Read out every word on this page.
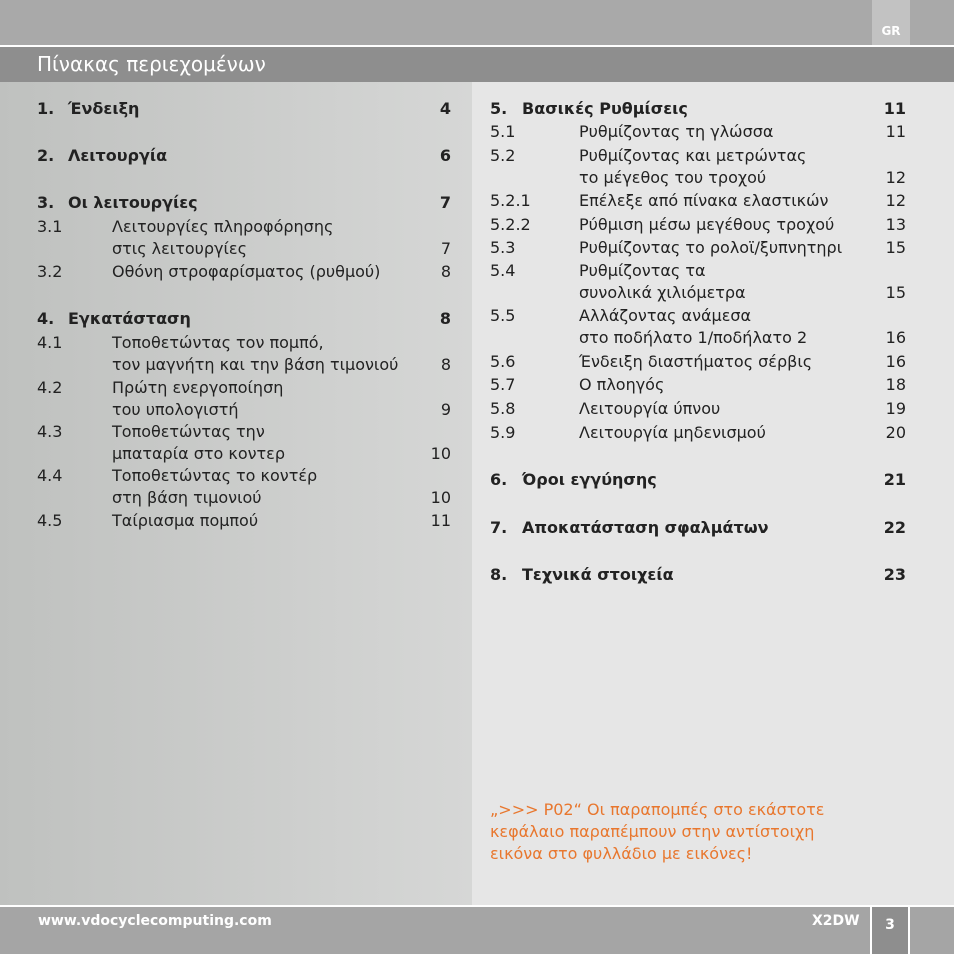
GR
Πίνακας περιεχομένων
1. Ένδειξη	4
2. Λειτουργία	6
3. Οι λειτουργίες	7
3.1	Λειτουργίες πληροφόρησης
στις λειτουργίες	7
3.2	Οθόνη στροφαρίσματος (ρυθμού)	8
4. Εγκατάσταση	8
4.1	Τοποθετώντας τον πομπό,
τον μαγνήτη και την βάση τιμονιού	8
4.2	Πρώτη ενεργοποίηση
του υπολογιστή	9
4.3	Τοποθετώντας την
μπαταρία στο κοντερ	10
4.4	Τοποθετώντας το κοντέρ
στη βάση τιμονιού	10
4.5	Ταίριασμα πομπού	11
5. Βασικές Ρυθμίσεις	11
5.1	Ρυθμίζοντας τη γλώσσα	11
5.2	Ρυθμίζοντας και μετρώντας
το μέγεθος του τροχού	12
5.2.1	Επέλεξε από πίνακα ελαστικών	12
5.2.2	Ρύθμιση μέσω μεγέθους τροχού	13
5.3	Ρυθμίζοντας το ρολοϊ/ξυπνητηρι	15
5.4	Ρυθμίζοντας τα
συνολικά χιλιόμετρα	15
5.5	Αλλάζοντας ανάμεσα
στο ποδήλατο 1/ποδήλατο 2	16
5.6	Ένδειξη διαστήματος σέρβις	16
5.7	Ο πλοηγός	18
5.8	Λειτουργία ύπνου	19
5.9	Λειτουργία μηδενισμού	20
6. Όροι εγγύησης	21
7. Αποκατάσταση σφαλμάτων	22
8. Τεχνικά στοιχεία	23
„>>> P02“ Οι παραπομπές στο εκάστοτε
κεφάλαιο παραπέμπουν στην αντίστοιχη
εικόνα στο φυλλάδιο με εικόνες!
www.vdocyclecomputing.com	X2DW	3
